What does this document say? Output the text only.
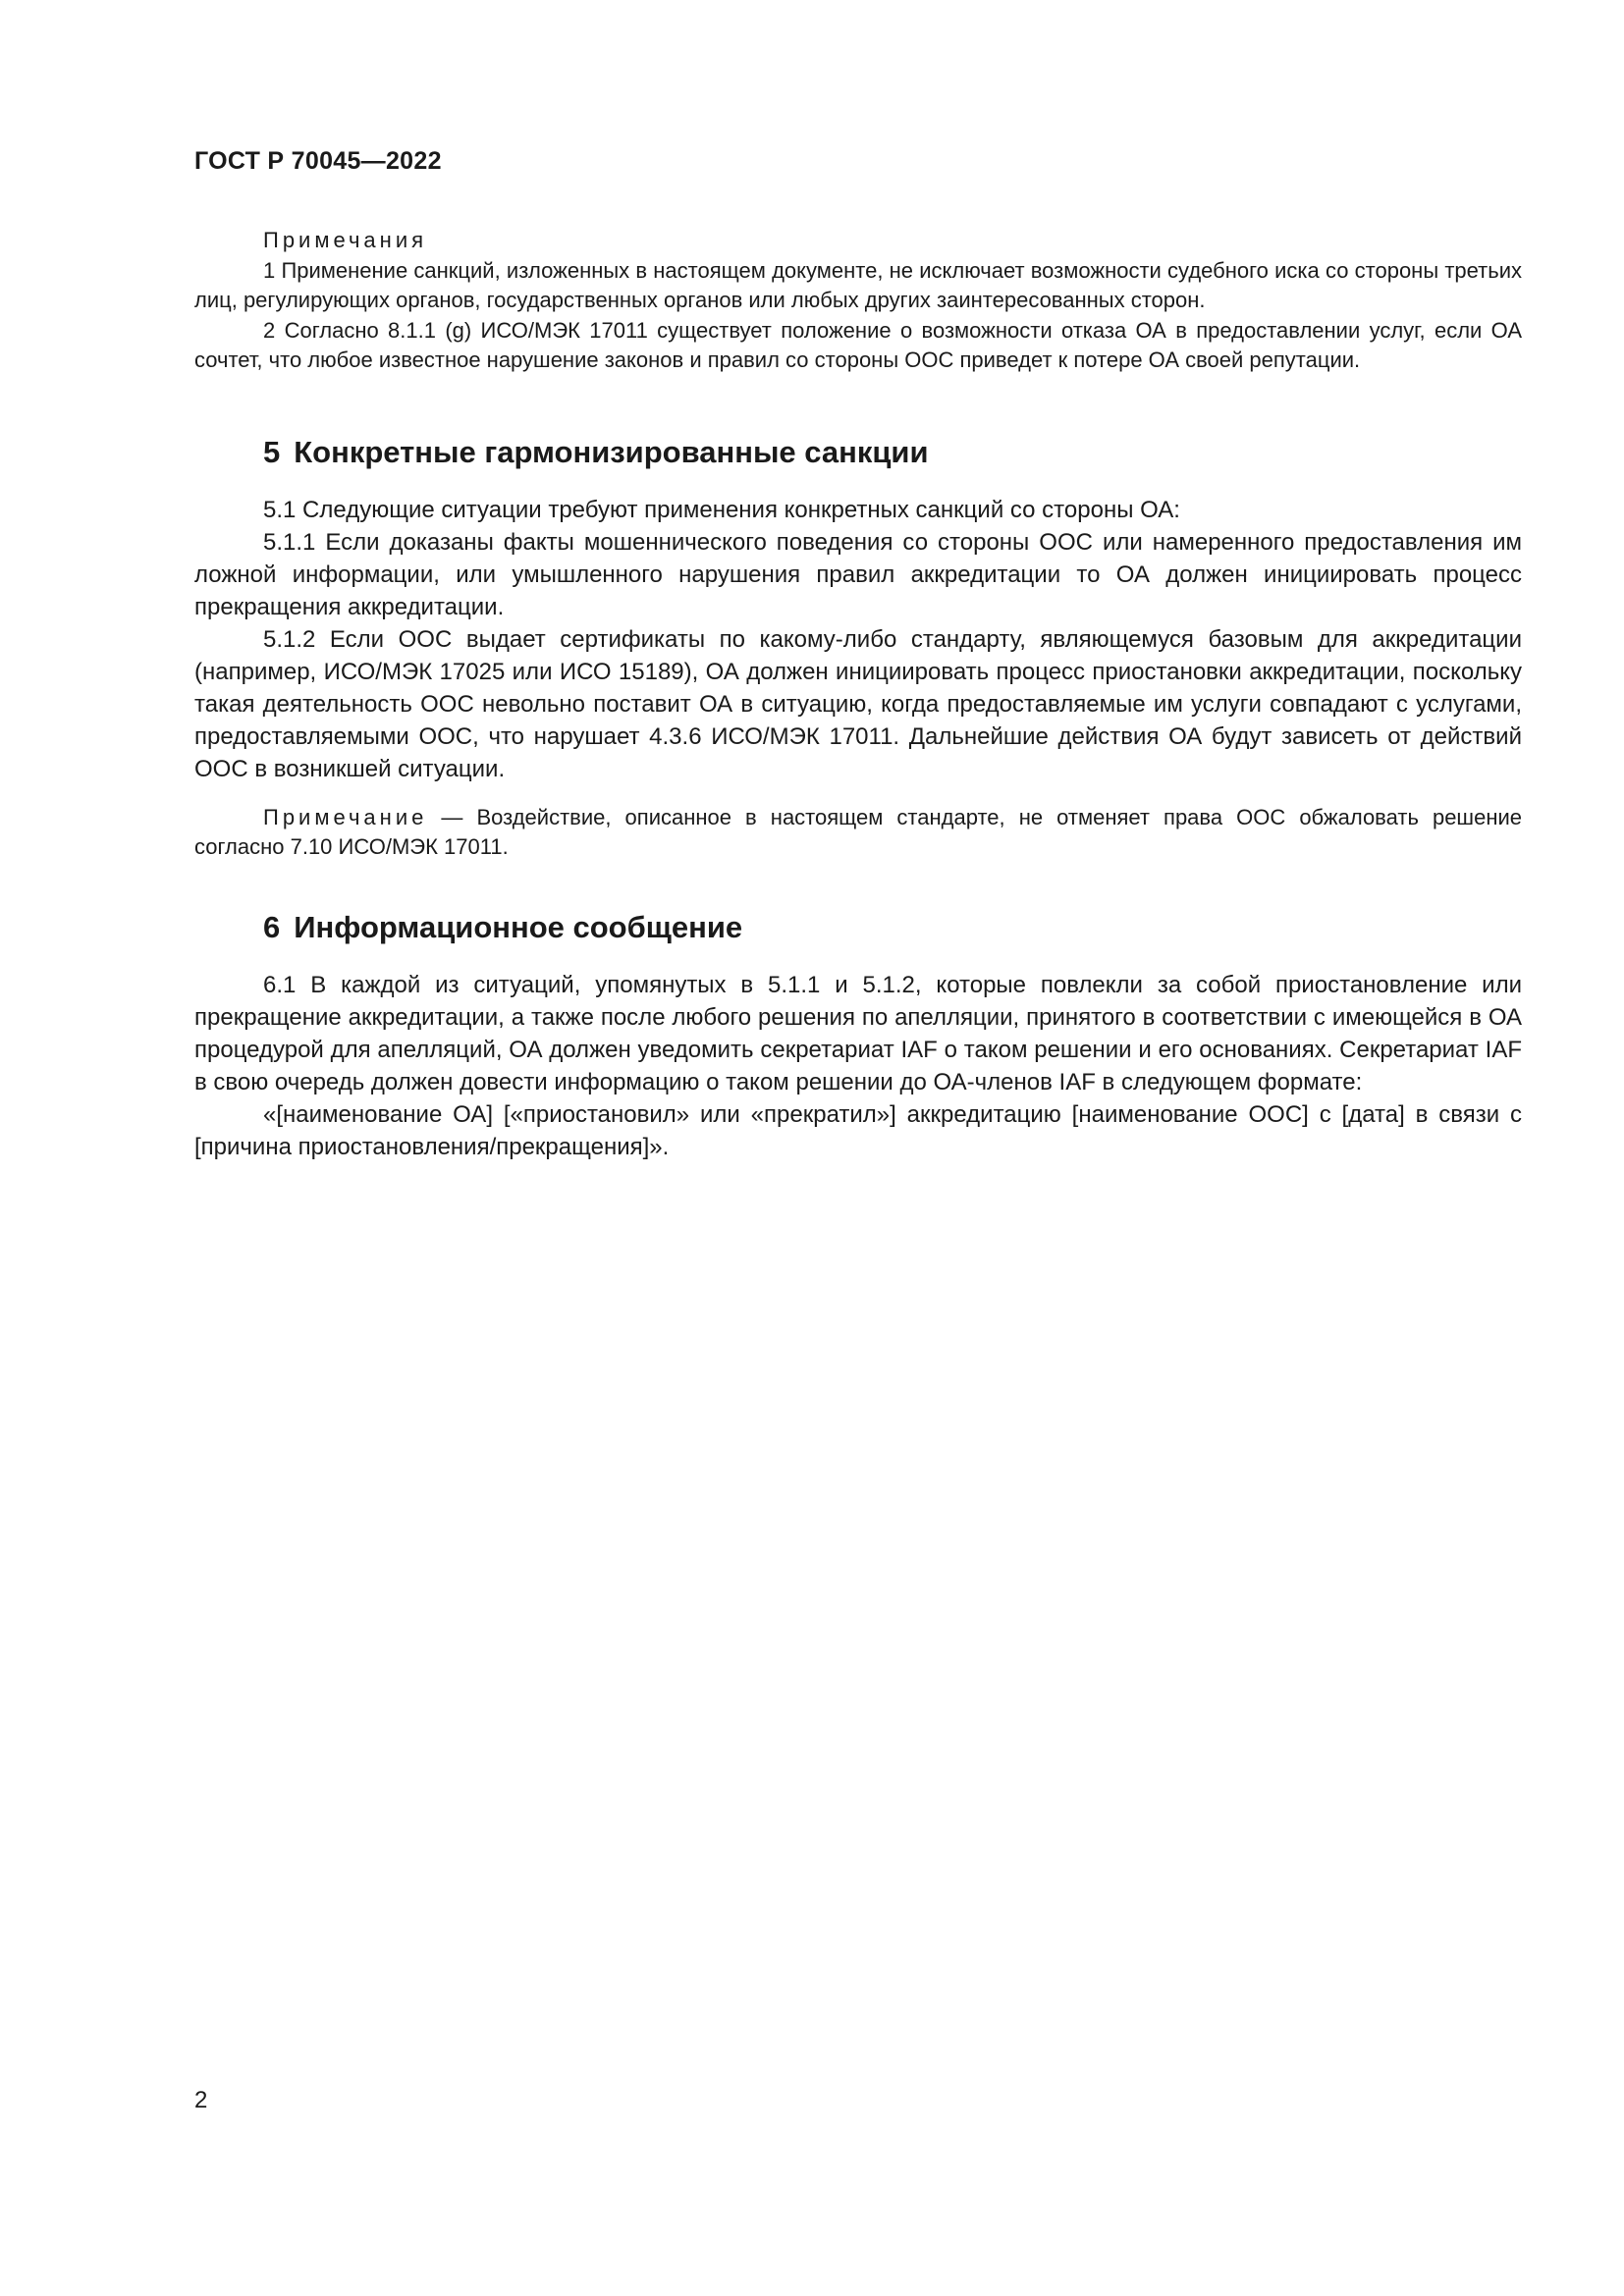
ГОСТ Р 70045—2022

Примечания

1 Применение санкций, изложенных в настоящем документе, не исключает возможности судебного иска со стороны третьих лиц, регулирующих органов, государственных органов или любых других заинтересованных сторон.

2 Согласно 8.1.1 (g) ИСО/МЭК 17011 существует положение о возможности отказа ОА в предоставлении услуг, если ОА сочтет, что любое известное нарушение законов и правил со стороны ООС приведет к потере ОА своей репутации.

5 Конкретные гармонизированные санкции

5.1 Следующие ситуации требуют применения конкретных санкций со стороны ОА:

5.1.1 Если доказаны факты мошеннического поведения со стороны ООС или намеренного предоставления им ложной информации, или умышленного нарушения правил аккредитации то ОА должен инициировать процесс прекращения аккредитации.

5.1.2 Если ООС выдает сертификаты по какому-либо стандарту, являющемуся базовым для аккредитации (например, ИСО/МЭК 17025 или ИСО 15189), ОА должен инициировать процесс приостановки аккредитации, поскольку такая деятельность ООС невольно поставит ОА в ситуацию, когда предоставляемые им услуги совпадают с услугами, предоставляемыми ООС, что нарушает 4.3.6 ИСО/МЭК 17011. Дальнейшие действия ОА будут зависеть от действий ООС в возникшей ситуации.

Примечание — Воздействие, описанное в настоящем стандарте, не отменяет права ООС обжаловать решение согласно 7.10 ИСО/МЭК 17011.

6 Информационное сообщение

6.1 В каждой из ситуаций, упомянутых в 5.1.1 и 5.1.2, которые повлекли за собой приостановление или прекращение аккредитации, а также после любого решения по апелляции, принятого в соответствии с имеющейся в ОА процедурой для апелляций, ОА должен уведомить секретариат IAF о таком решении и его основаниях. Секретариат IAF в свою очередь должен довести информацию о таком решении до ОА-членов IAF в следующем формате:

«[наименование ОА] [«приостановил» или «прекратил»] аккредитацию [наименование ООС] с [дата] в связи с [причина приостановления/прекращения]».

2
